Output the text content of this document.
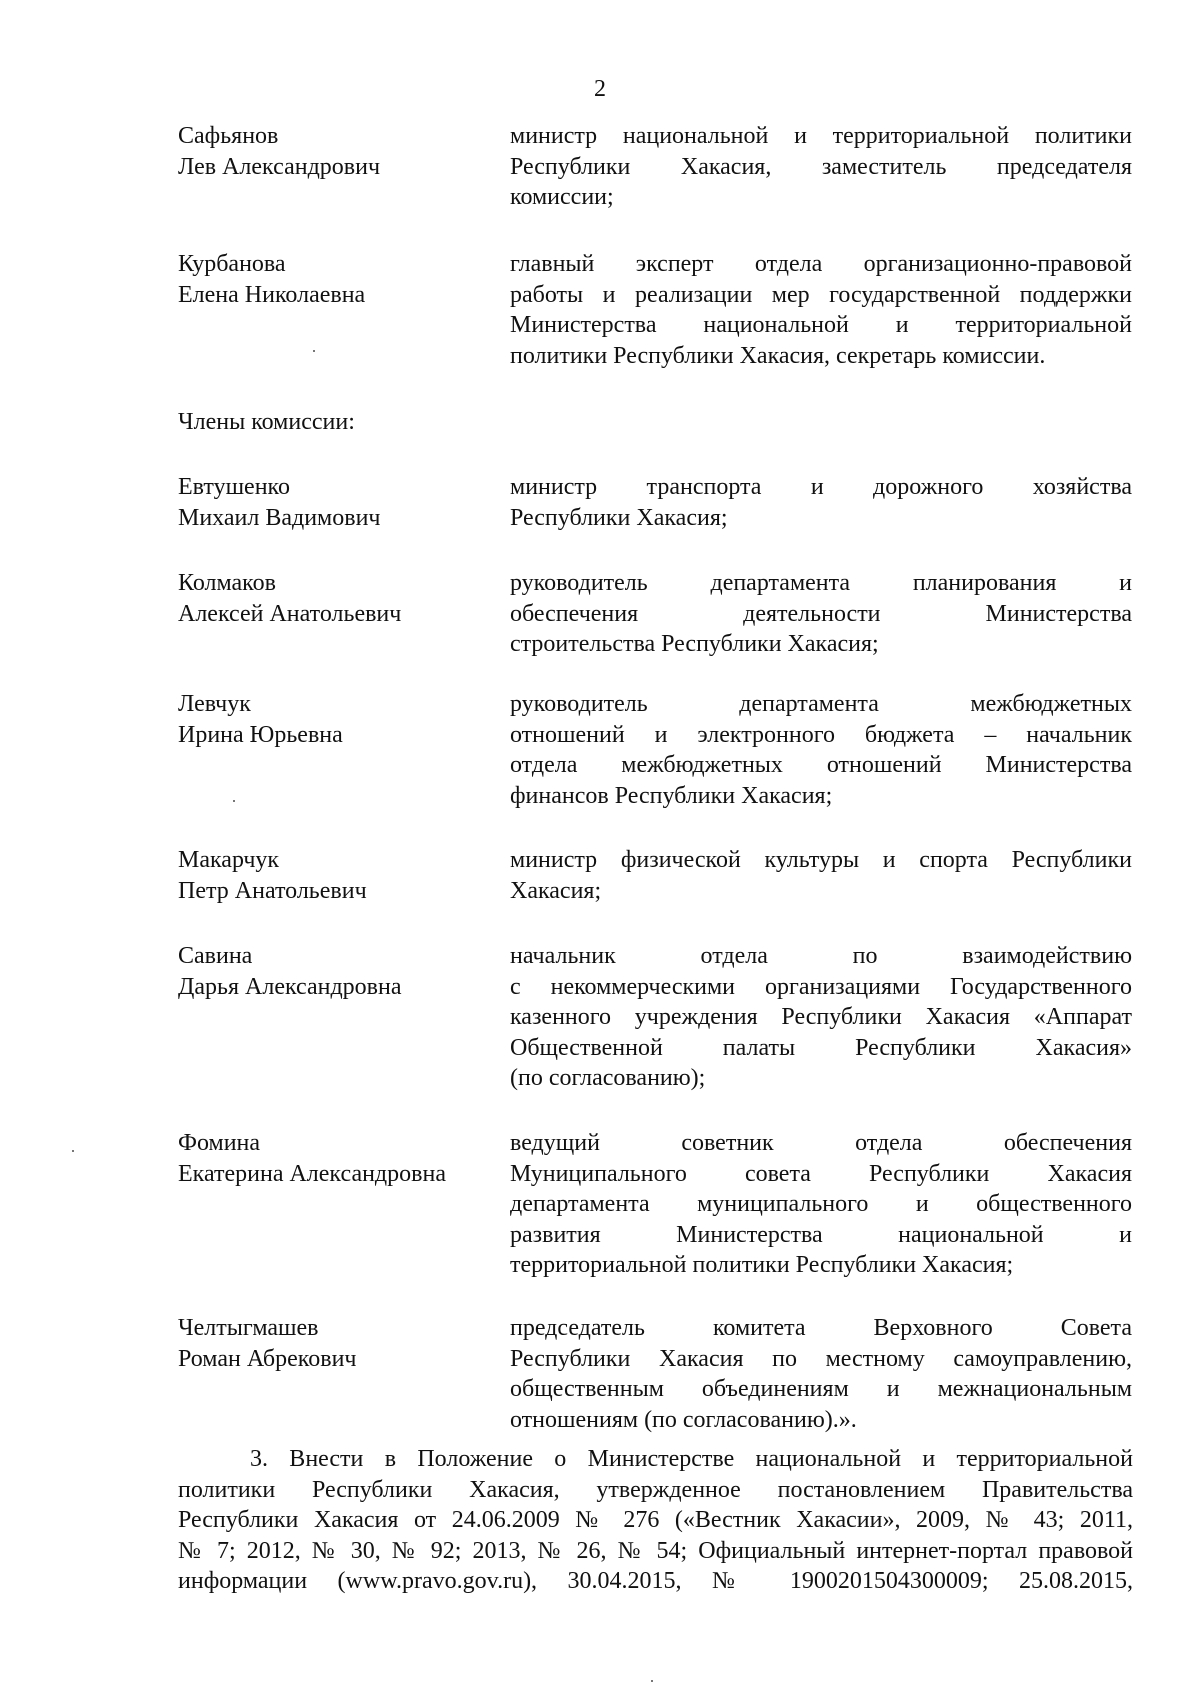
2
Сафьянов
Лев Александрович
министр национальной и территориальной политики
Республики Хакасия, заместитель председателя
комиссии;
Курбанова
Елена Николаевна
главный эксперт отдела организационно-правовой
работы и реализации мер государственной поддержки
Министерства национальной и территориальной
политики Республики Хакасия, секретарь комиссии.
Члены комиссии:
Евтушенко
Михаил Вадимович
министр транспорта и дорожного хозяйства
Республики Хакасия;
Колмаков
Алексей Анатольевич
руководитель департамента планирования и
обеспечения деятельности Министерства
строительства Республики Хакасия;
Левчук
Ирина Юрьевна
руководитель департамента межбюджетных
отношений и электронного бюджета – начальник
отдела межбюджетных отношений Министерства
финансов Республики Хакасия;
Макарчук
Петр Анатольевич
министр физической культуры и спорта Республики
Хакасия;
Савина
Дарья Александровна
начальник отдела по взаимодействию
с некоммерческими организациями Государственного
казенного учреждения Республики Хакасия «Аппарат
Общественной палаты Республики Хакасия»
(по согласованию);
Фомина
Екатерина Александровна
ведущий советник отдела обеспечения
Муниципального совета Республики Хакасия
департамента муниципального и общественного
развития Министерства национальной и
территориальной политики Республики Хакасия;
Челтыгмашев
Роман Абрекович
председатель комитета Верховного Совета
Республики Хакасия по местному самоуправлению,
общественным объединениям и межнациональным
отношениям (по согласованию).».
3. Внести в Положение о Министерстве национальной и территориальной
политики Республики Хакасия, утвержденное постановлением Правительства
Республики Хакасия от 24.06.2009 № 276 («Вестник Хакасии», 2009, № 43; 2011,
№ 7; 2012, № 30, № 92; 2013, № 26, № 54; Официальный интернет-портал правовой
информации (www.pravo.gov.ru), 30.04.2015, № 1900201504300009; 25.08.2015,
